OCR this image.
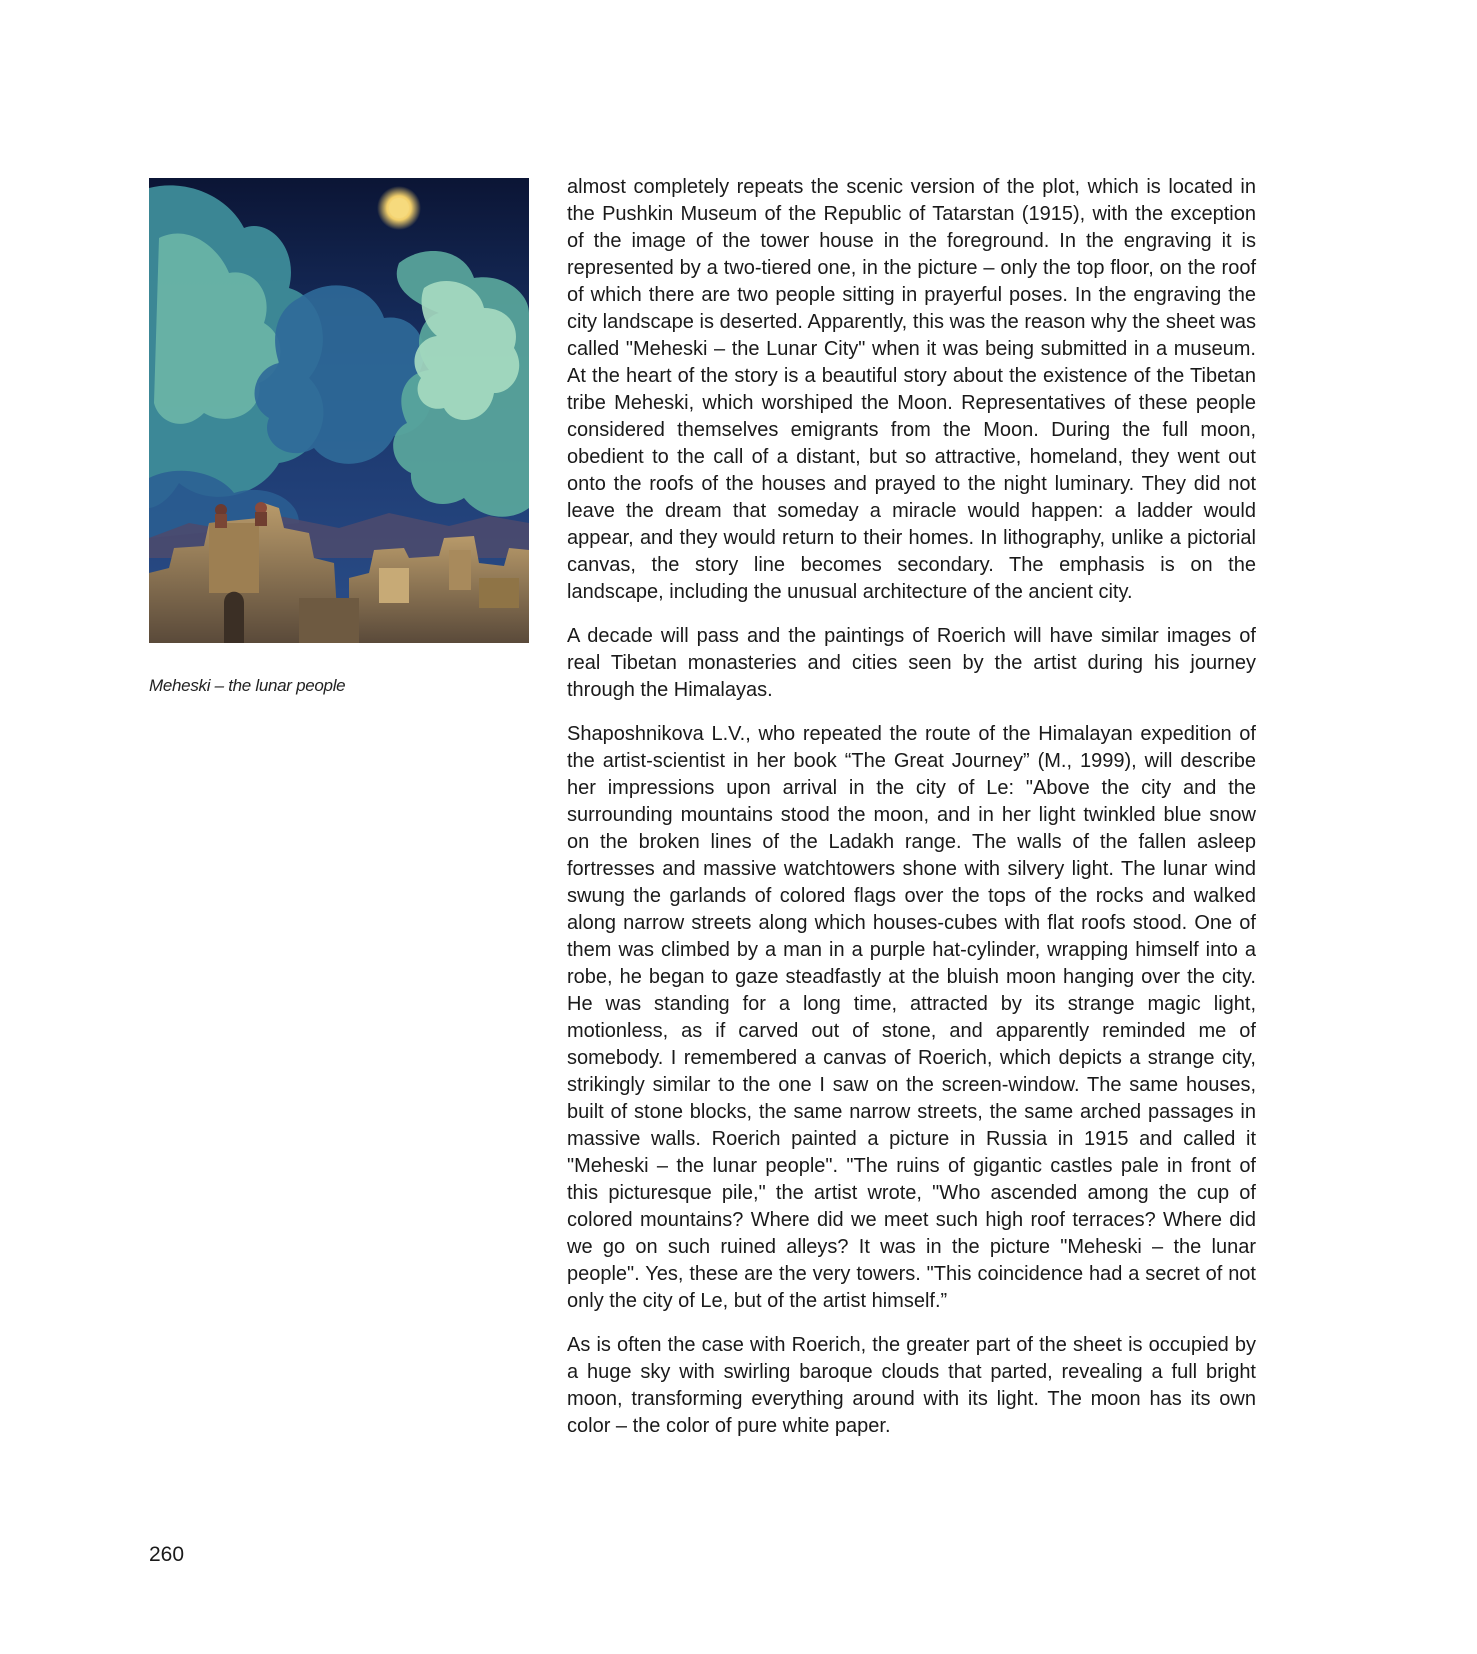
Meheski – the lunar people

almost completely repeats the scenic version of the plot, which is located in the Pushkin Museum of the Republic of Tatarstan (1915), with the exception of the image of the tower house in the foreground. In the engraving it is represented by a two-tiered one, in the picture – only the top floor, on the roof of which there are two people sitting in prayerful poses. In the engraving the city landscape is deserted. Apparently, this was the reason why the sheet was called "Meheski – the Lunar City" when it was being submitted in a museum. At the heart of the story is a beautiful story about the existence of the Tibetan tribe Meheski, which worshiped the Moon. Representatives of these people considered themselves emigrants from the Moon. During the full moon, obedient to the call of a distant, but so attractive, homeland, they went out onto the roofs of the houses and prayed to the night luminary. They did not leave the dream that someday a miracle would happen: a ladder would appear, and they would return to their homes. In lithography, unlike a pictorial canvas, the story line becomes secondary. The emphasis is on the landscape, including the unusual architecture of the ancient city.

A decade will pass and the paintings of Roerich will have similar images of real Tibetan monasteries and cities seen by the artist during his journey through the Himalayas.

Shaposhnikova L.V., who repeated the route of the Himalayan expedition of the artist-scientist in her book “The Great Journey” (M., 1999), will describe her impressions upon arrival in the city of Le: "Above the city and the surrounding mountains stood the moon, and in her light twinkled blue snow on the broken lines of the Ladakh range. The walls of the fallen asleep fortresses and massive watchtowers shone with silvery light. The lunar wind swung the garlands of colored flags over the tops of the rocks and walked along narrow streets along which houses-cubes with flat roofs stood. One of them was climbed by a man in a purple hat-cylinder, wrapping himself into a robe, he began to gaze steadfastly at the bluish moon hanging over the city. He was standing for a long time, attracted by its strange magic light, motionless, as if carved out of stone, and apparently reminded me of somebody. I remembered a canvas of Roerich, which depicts a strange city, strikingly similar to the one I saw on the screen-window. The same houses, built of stone blocks, the same narrow streets, the same arched passages in massive walls. Roerich painted a picture in Russia in 1915 and called it "Meheski – the lunar people". "The ruins of gigantic castles pale in front of this picturesque pile," the artist wrote, "Who ascended among the cup of colored mountains? Where did we meet such high roof terraces? Where did we go on such ruined alleys? It was in the picture "Meheski – the lunar people". Yes, these are the very towers. "This coincidence had a secret of not only the city of Le, but of the artist himself.”

As is often the case with Roerich, the greater part of the sheet is occupied by a huge sky with swirling baroque clouds that parted, revealing a full bright moon, transforming everything around with its light. The moon has its own color – the color of pure white paper.

260
